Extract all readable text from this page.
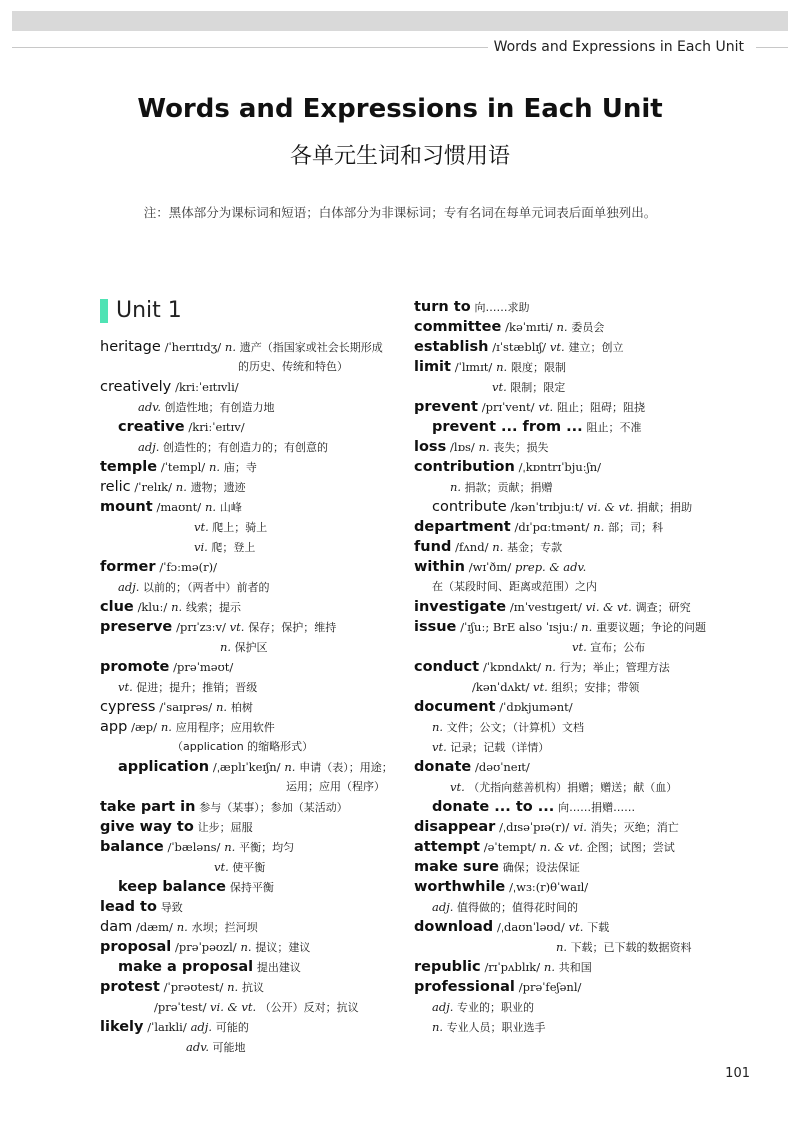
Words and Expressions in Each Unit
Words and Expressions in Each Unit
各单元生词和习惯用语
注：黑体部分为课标词和短语；白体部分为非课标词；专有名词在每单元词表后面单独列出。
Unit 1
heritage /ˈherɪtɪdʒ/ n. 遗产（指国家或社会长期形成
的历史、传统和特色）
creatively /kriːˈeɪtɪvli/
adv. 创造性地；有创造力地
creative /kriːˈeɪtɪv/
adj. 创造性的；有创造力的；有创意的
temple /ˈtempl/ n. 庙；寺
relic /ˈrelɪk/ n. 遗物；遗迹
mount /maʊnt/ n. 山峰
vt. 爬上；骑上
vi. 爬；登上
former /ˈfɔːmə(r)/
adj. 以前的；（两者中）前者的
clue /kluː/ n. 线索；提示
preserve /prɪˈzɜːv/ vt. 保存；保护；维持
n. 保护区
promote /prəˈməʊt/
vt. 促进；提升；推销；晋级
cypress /ˈsaɪprəs/ n. 柏树
app /æp/ n. 应用程序；应用软件
（application 的缩略形式）
application /ˌæplɪˈkeɪʃn/ n. 申请（表）；用途；
运用；应用（程序）
take part in 参与（某事）；参加（某活动）
give way to 让步；屈服
balance /ˈbæləns/ n. 平衡；均匀
vt. 使平衡
keep balance 保持平衡
lead to 导致
dam /dæm/ n. 水坝；拦河坝
proposal /prəˈpəʊzl/ n. 提议；建议
make a proposal 提出建议
protest /ˈprəʊtest/ n. 抗议
/prəˈtest/ vi. & vt. （公开）反对；抗议
likely /ˈlaɪkli/ adj. 可能的
adv. 可能地
turn to 向……求助
committee /kəˈmɪti/ n. 委员会
establish /ɪˈstæblɪʃ/ vt. 建立；创立
limit /ˈlɪmɪt/ n. 限度；限制
vt. 限制；限定
prevent /prɪˈvent/ vt. 阻止；阻碍；阻挠
prevent ... from ... 阻止；不准
loss /lɒs/ n. 丧失；损失
contribution /ˌkɒntrɪˈbjuːʃn/
n. 捐款；贡献；捐赠
contribute /kənˈtrɪbjuːt/ vi. & vt. 捐献；捐助
department /dɪˈpɑːtmənt/ n. 部；司；科
fund /fʌnd/ n. 基金；专款
within /wɪˈðɪn/ prep. & adv.
在（某段时间、距离或范围）之内
investigate /ɪnˈvestɪɡeɪt/ vi. & vt. 调查；研究
issue /ˈɪʃuː; BrE also ˈɪsjuː/ n. 重要议题；争论的问题
vt. 宣布；公布
conduct /ˈkɒndʌkt/ n. 行为；举止；管理方法
/kənˈdʌkt/ vt. 组织；安排；带领
document /ˈdɒkjumənt/
n. 文件；公文；（计算机）文档
vt. 记录；记载（详情）
donate /dəʊˈneɪt/
vt. （尤指向慈善机构）捐赠；赠送；献（血）
donate ... to ... 向……捐赠……
disappear /ˌdɪsəˈpɪə(r)/ vi. 消失；灭绝；消亡
attempt /əˈtempt/ n. & vt. 企图；试图；尝试
make sure 确保；设法保证
worthwhile /ˌwɜː(r)θˈwaɪl/
adj. 值得做的；值得花时间的
download /ˌdaʊnˈləʊd/ vt. 下载
n. 下载；已下载的数据资料
republic /rɪˈpʌblɪk/ n. 共和国
professional /prəˈfeʃənl/
adj. 专业的；职业的
n. 专业人员；职业选手
101
